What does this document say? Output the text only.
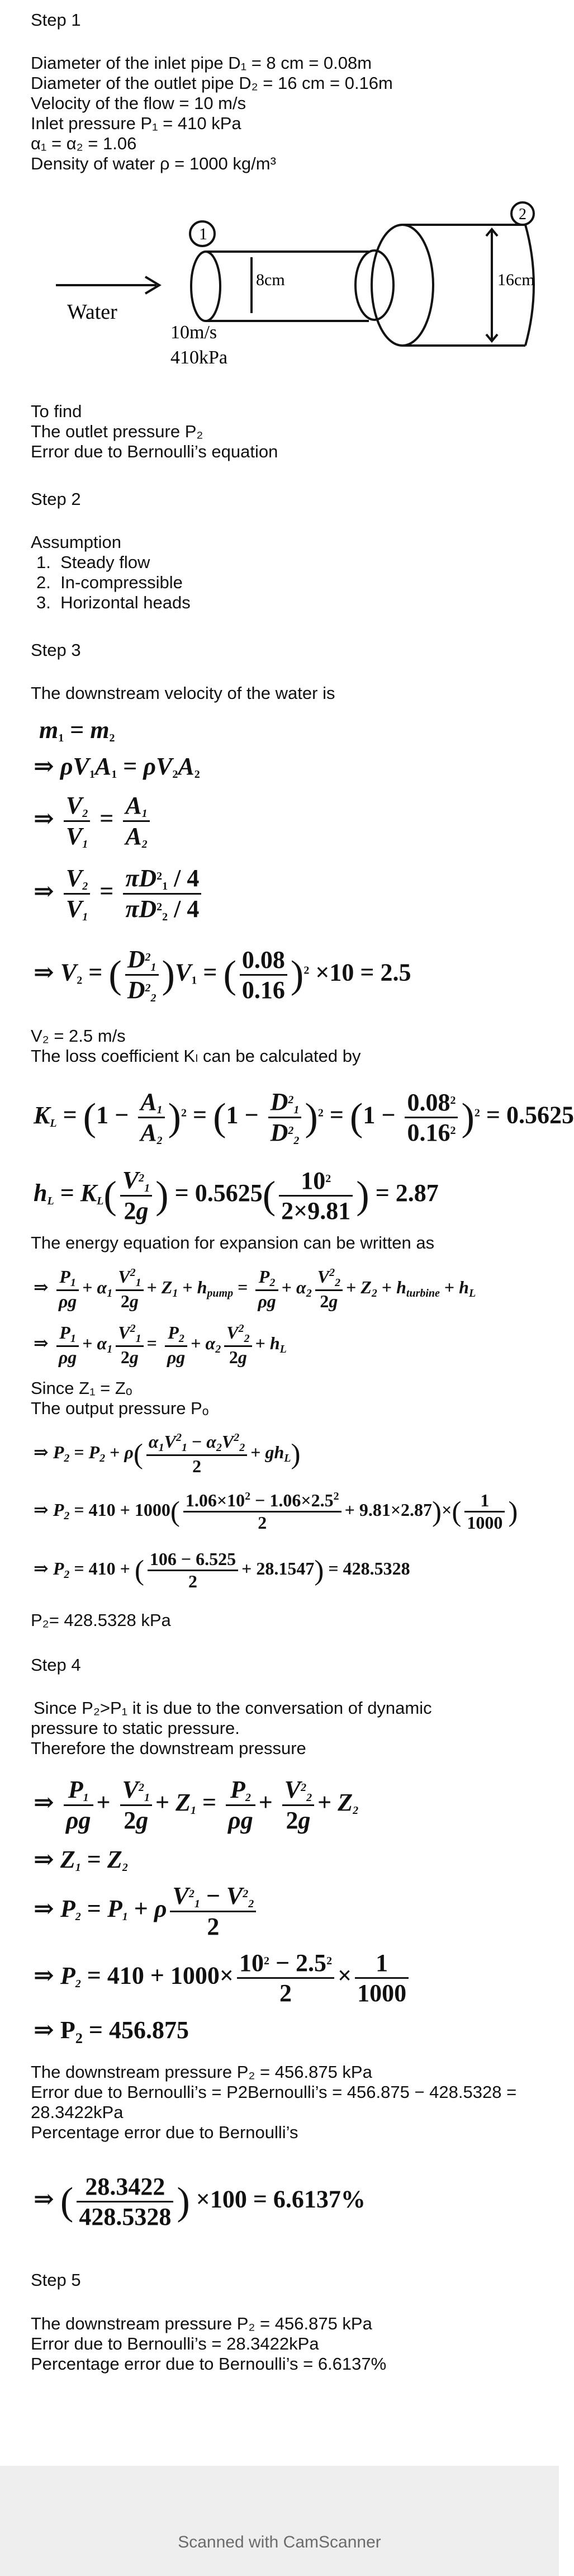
Step 1
Diameter of the inlet pipe D₁ = 8 cm = 0.08m
Diameter of the outlet pipe D₂ = 16 cm = 0.16m
Velocity of the flow = 10 m/s
Inlet pressure P₁ = 410 kPa
α₁ = α₂ = 1.06
Density of water ρ = 1000 kg/m³
1
2
Water
10m/s
410kPa
8cm	16cm
To find
The outlet pressure P₂
Error due to Bernoulli’s equation
Step 2
Assumption
1.  Steady flow
2.  In-compressible
3.  Horizontal heads
Step 3
The downstream velocity of the water is
$m_1 = m_2$
⇒ $\rho V_1A_1 = \rho V_2A_2$
⇒ $\frac{V_2}{V_1} = \frac{A_1}{A_2}$
⇒ $\frac{V_2}{V_1} = \frac{\pi D^2_1 / 4}{\pi D^2_2 / 4}$
⇒ $V_2$ = ( $\frac{D^2_1}{D^2_2} )V_1$ = ( $\frac{0.08}{0.16} )^2 \times 10 = 2.5$
V₂ = 2.5 m/s
The loss coefficient Kₗ can be calculated by
$K_L = (1 - \frac{A_1}{A_2} )^2 = (1 - \frac{D^2_1}{D^2_2} )^2 = (1 - \frac{0.08^2}{0.16^2} )^2 = 0.5625$
$h_L = K_L( \frac{V^2_1}{2g}$ ) = $0.5625( \frac{10^2}{2\times 9.81}$ ) = 2.87
The energy equation for expansion can be written as
⇒ $\frac{P_1}{\rho g} + \alpha_1 \frac{V^2_1}{2g} + Z_1 + h_{pump} = \frac{P_2}{\rho g} + \alpha_2 \frac{V^2_2}{2g} + Z_2 + h_{turbine} + h_L$
⇒ $\frac{P_1}{\rho g} + \alpha_1 \frac{V^2_1}{2g} = \frac{P_2}{\rho g} + \alpha_2 \frac{V^2_2}{2g} + h_L$
Since Z₁ = Zₒ
The output pressure Pₒ
⇒ $P_2 = P_2 + \rho( \frac{\alpha_1V^2_1 - \alpha_2V^2_2}{2} + gh_L)$
⇒ $P_2 = 410 + 1000( \frac{1.06\times 10^2 - 1.06\times 2.5^2}{2} + 9.81\times 2.87)\times( \frac{1}{1000}$ )
⇒ $P_2 = 410$ + ( $\frac{106 - 6.525}{2} + 28.1547) = 428.5328$
P₂= 428.5328 kPa
Step 4
Since P₂>P₁ it is due to the conversation of dynamic
pressure to static pressure.
Therefore the downstream pressure
⇒ $\frac{P_1}{\rho g} + \frac{V^2_1}{2g} + Z_1 = \frac{P_2}{\rho g} + \frac{V^2_2}{2g} + Z_2$
⇒ $Z_1 = Z_2$
⇒ $P_2 = P_1 + \rho \frac{V^2_1 - V^2_2}{2}$
⇒ $P_2 = 410 + 1000\times \frac{10^2 - 2.5^2}{2} \times \frac{1}{1000}$
⇒ P₂ = 456.875
The downstream pressure P₂ = 456.875 kPa
Error due to Bernoulli’s = P2Bernoulli’s = 456.875 − 428.5328 =
28.3422kPa
Percentage error due to Bernoulli’s
⇒ ( $\frac{28.3422}{428.5328}$ ) ×100 = 6.6137%
Step 5
The downstream pressure P₂ = 456.875 kPa
Error due to Bernoulli’s = 28.3422kPa
Percentage error due to Bernoulli’s = 6.6137%
Scanned with CamScanner
